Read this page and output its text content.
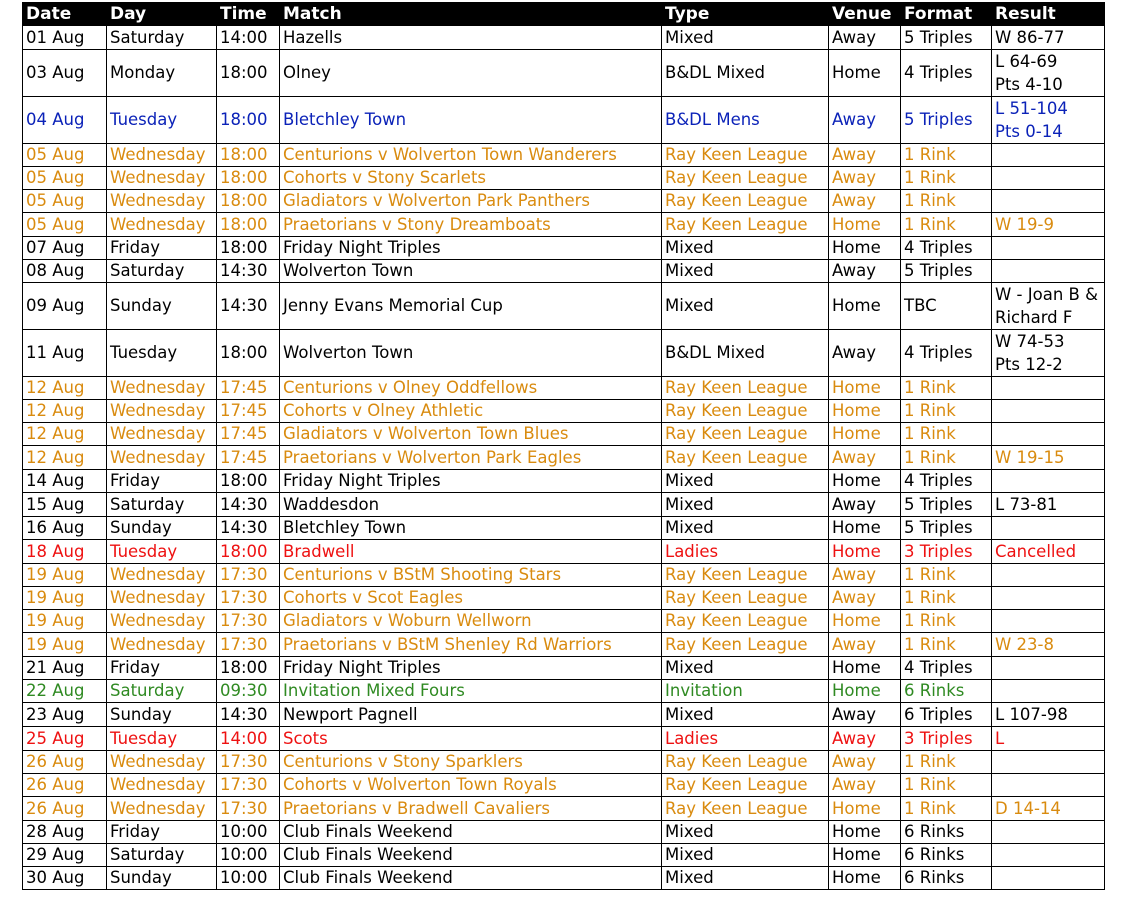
Date	Day	Time	Match	Type	Venue	Format	Result
01 Aug	Saturday	14:00	Hazells	Mixed	Away	5 Triples	W 86-77
03 Aug	Monday	18:00	Olney	B&DL Mixed	Home	4 Triples	L 64-69
Pts 4-10
04 Aug	Tuesday	18:00	Bletchley Town	B&DL Mens	Away	5 Triples	L 51-104
Pts 0-14
05 Aug	Wednesday	18:00	Centurions v Wolverton Town Wanderers	Ray Keen League	Away	1 Rink	
05 Aug	Wednesday	18:00	Cohorts v Stony Scarlets	Ray Keen League	Away	1 Rink	
05 Aug	Wednesday	18:00	Gladiators v Wolverton Park Panthers	Ray Keen League	Away	1 Rink	
05 Aug	Wednesday	18:00	Praetorians v Stony Dreamboats	Ray Keen League	Home	1 Rink	W 19-9
07 Aug	Friday	18:00	Friday Night Triples	Mixed	Home	4 Triples	
08 Aug	Saturday	14:30	Wolverton Town	Mixed	Away	5 Triples	
09 Aug	Sunday	14:30	Jenny Evans Memorial Cup	Mixed	Home	TBC	W - Joan B &
Richard F
11 Aug	Tuesday	18:00	Wolverton Town	B&DL Mixed	Away	4 Triples	W 74-53
Pts 12-2
12 Aug	Wednesday	17:45	Centurions v Olney Oddfellows	Ray Keen League	Home	1 Rink	
12 Aug	Wednesday	17:45	Cohorts v Olney Athletic	Ray Keen League	Home	1 Rink	
12 Aug	Wednesday	17:45	Gladiators v Wolverton Town Blues	Ray Keen League	Home	1 Rink	
12 Aug	Wednesday	17:45	Praetorians v Wolverton Park Eagles	Ray Keen League	Away	1 Rink	W 19-15
14 Aug	Friday	18:00	Friday Night Triples	Mixed	Home	4 Triples	
15 Aug	Saturday	14:30	Waddesdon	Mixed	Away	5 Triples	L 73-81
16 Aug	Sunday	14:30	Bletchley Town	Mixed	Home	5 Triples	
18 Aug	Tuesday	18:00	Bradwell	Ladies	Home	3 Triples	Cancelled
19 Aug	Wednesday	17:30	Centurions v BStM Shooting Stars	Ray Keen League	Away	1 Rink	
19 Aug	Wednesday	17:30	Cohorts v Scot Eagles	Ray Keen League	Away	1 Rink	
19 Aug	Wednesday	17:30	Gladiators v Woburn Wellworn	Ray Keen League	Home	1 Rink	
19 Aug	Wednesday	17:30	Praetorians v BStM Shenley Rd Warriors	Ray Keen League	Away	1 Rink	W 23-8
21 Aug	Friday	18:00	Friday Night Triples	Mixed	Home	4 Triples	
22 Aug	Saturday	09:30	Invitation Mixed Fours	Invitation	Home	6 Rinks	
23 Aug	Sunday	14:30	Newport Pagnell	Mixed	Away	6 Triples	L 107-98
25 Aug	Tuesday	14:00	Scots	Ladies	Away	3 Triples	L
26 Aug	Wednesday	17:30	Centurions v Stony Sparklers	Ray Keen League	Away	1 Rink	
26 Aug	Wednesday	17:30	Cohorts v Wolverton Town Royals	Ray Keen League	Away	1 Rink	
26 Aug	Wednesday	17:30	Praetorians v Bradwell Cavaliers	Ray Keen League	Home	1 Rink	D 14-14
28 Aug	Friday	10:00	Club Finals Weekend	Mixed	Home	6 Rinks	
29 Aug	Saturday	10:00	Club Finals Weekend	Mixed	Home	6 Rinks	
30 Aug	Sunday	10:00	Club Finals Weekend	Mixed	Home	6 Rinks	
